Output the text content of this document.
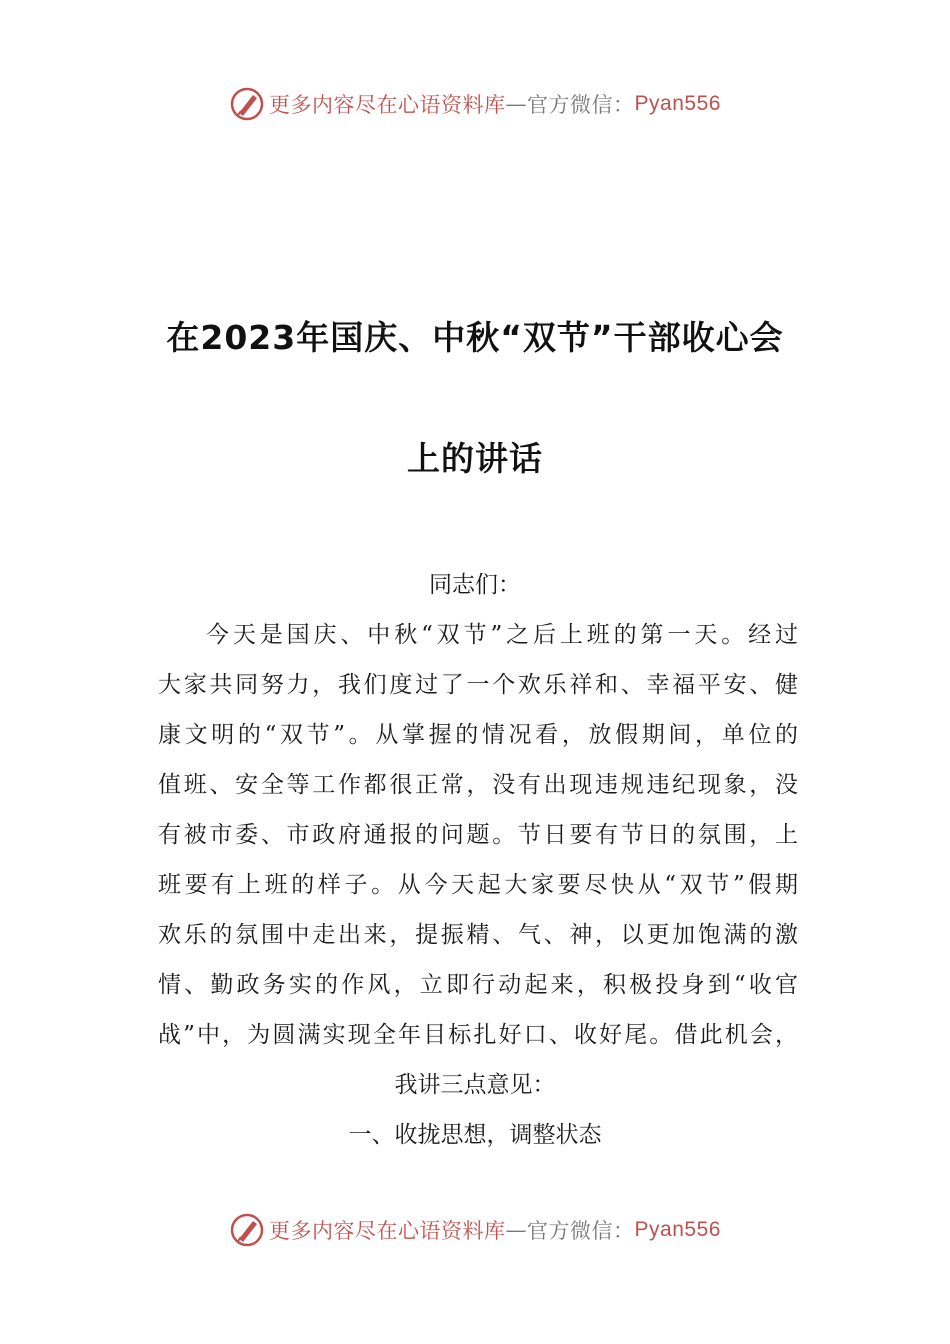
更多内容尽在心语资料库 — 官方微信： Pyan556
在2023年国庆、中秋“双节”干部收心会
上的讲话
同志们：
今天是国庆、中秋“双节”之后上班的第一天。经过
大家共同努力，我们度过了一个欢乐祥和、幸福平安、健
康文明的“双节”。从掌握的情况看，放假期间，单位的
值班、安全等工作都很正常，没有出现违规违纪现象，没
有被市委、市政府通报的问题。节日要有节日的氛围，上
班要有上班的样子。从今天起大家要尽快从“双节”假期
欢乐的氛围中走出来，提振精、气、神，以更加饱满的激
情、勤政务实的作风，立即行动起来，积极投身到“收官
战”中，为圆满实现全年目标扎好口、收好尾。借此机会，
我讲三点意见：
一、收拢思想，调整状态
更多内容尽在心语资料库 — 官方微信： Pyan556
